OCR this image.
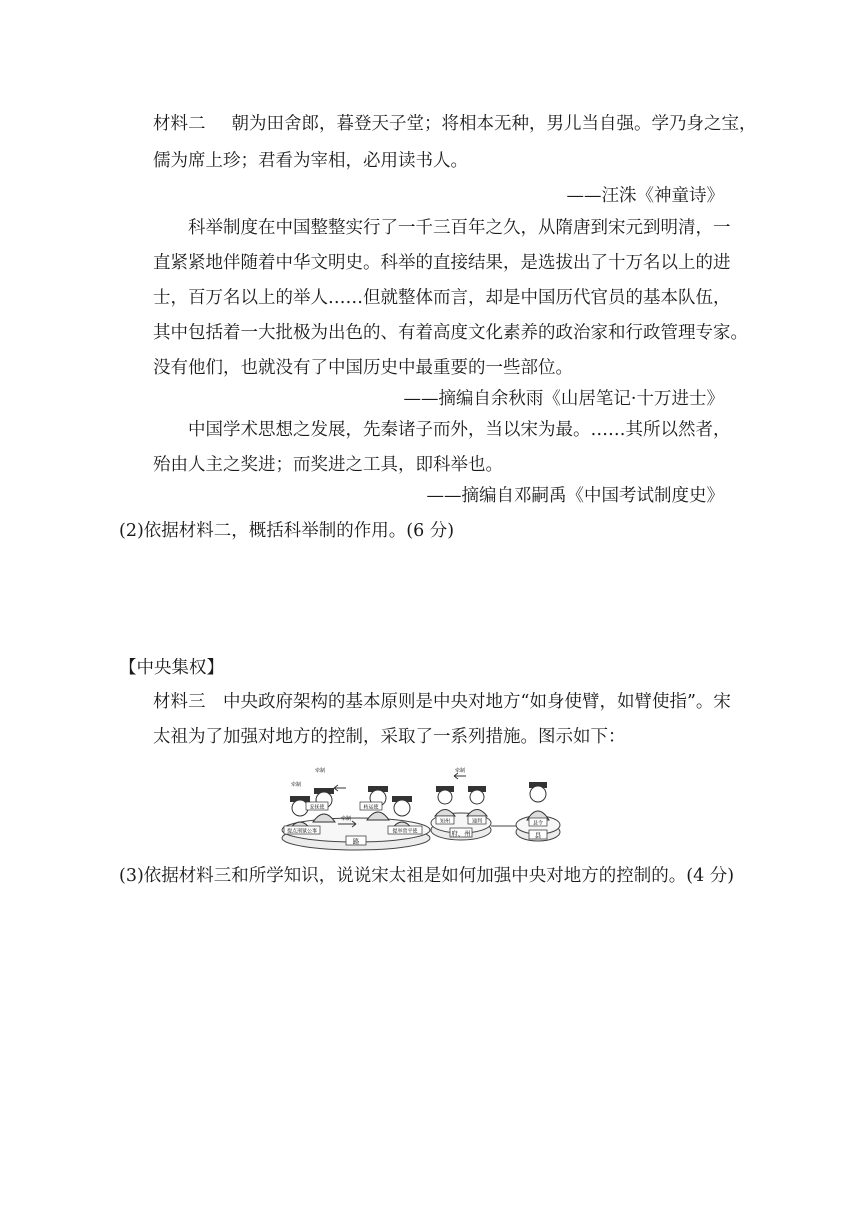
材料二 朝为田舍郎，暮登天子堂；将相本无种，男儿当自强。学乃身之宝，
儒为席上珍；君看为宰相，必用读书人。
——汪洙《神童诗》
科举制度在中国整整实行了一千三百年之久，从隋唐到宋元到明清，一
直紧紧地伴随着中华文明史。科举的直接结果，是选拔出了十万名以上的进
士，百万名以上的举人……但就整体而言，却是中国历代官员的基本队伍，
其中包括着一大批极为出色的、有着高度文化素养的政治家和行政管理专家。
没有他们，也就没有了中国历史中最重要的一些部位。
——摘编自余秋雨《山居笔记·十万进士》
中国学术思想之发展，先秦诸子而外，当以宋为最。……其所以然者，
殆由人主之奖进；而奖进之工具，即科举也。
——摘编自邓嗣禹《中国考试制度史》
(2)依据材料二，概括科举制的作用。(6 分)
【中央集权】
材料三　中央政府架构的基本原则是中央对地方“如身使臂，如臂使指”。宋
太祖为了加强对地方的控制，采取了一系列措施。图示如下：
路
府、州	县
安抚使	转运使
提点刑狱公事	提举常平使
知州	通判	县令
牵制
牵制
牵制
牵制
(3)依据材料三和所学知识，说说宋太祖是如何加强中央对地方的控制的。(4 分)
